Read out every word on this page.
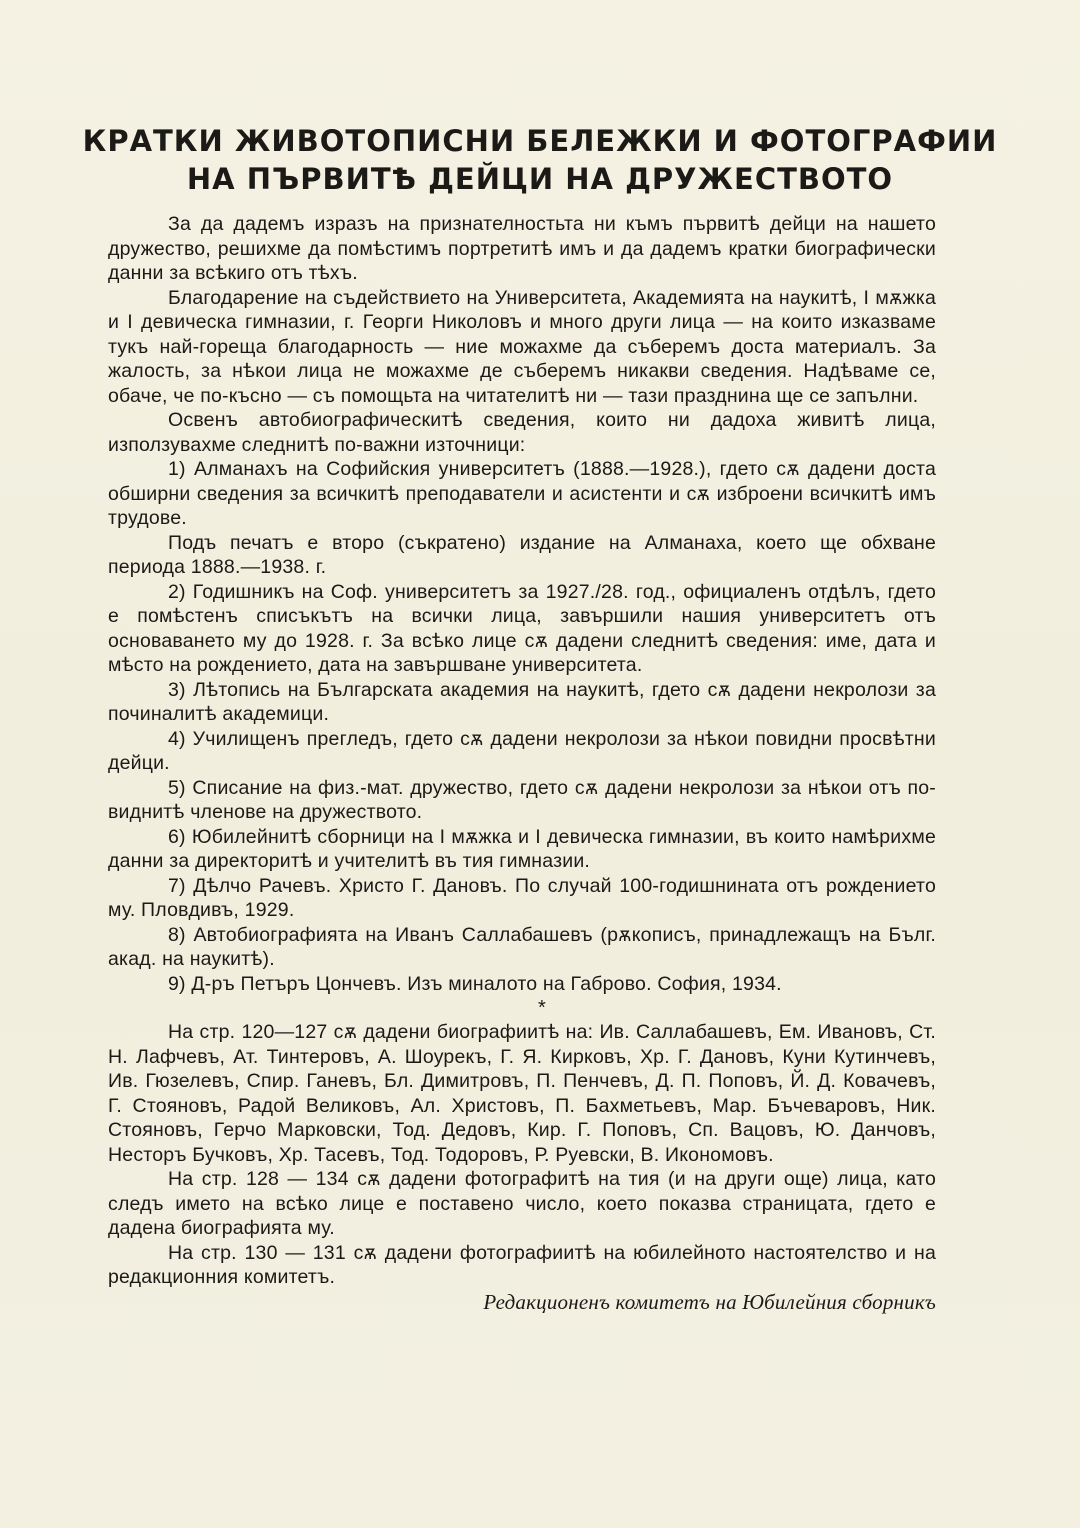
КРАТКИ ЖИВОТОПИСНИ БЕЛЕЖКИ И ФОТОГРАФИИ
НА ПЪРВИТѢ ДЕЙЦИ НА ДРУЖЕСТВОТО

За да дадемъ изразъ на признателностьта ни къмъ първитѣ дейци на нашето дружество, решихме да помѣстимъ портретитѣ имъ и да дадемъ кратки биографически данни за всѣкиго отъ тѣхъ.

Благодарение на съдействието на Университета, Академията на наукитѣ, I мѫжка и I девическа гимназии, г. Георги Николовъ и много други лица — на които изказваме тукъ най-гореща благодарность — ние можахме да съберемъ доста материалъ. За жалость, за нѣкои лица не можахме де съберемъ никакви сведения. Надѣваме се, обаче, че по-късно — съ помощьта на читателитѣ ни — тази празднина ще се запълни.

Освенъ автобиографическитѣ сведения, които ни дадоха живитѣ лица, използувахме следнитѣ по-важни източници:

1) Алманахъ на Софийския университетъ (1888.—1928.), гдето сѫ дадени доста обширни сведения за всичкитѣ преподаватели и асистенти и сѫ изброени всичкитѣ имъ трудове.

Подъ печатъ е второ (съкратено) издание на Алманаха, което ще обхване периода 1888.—1938. г.

2) Годишникъ на Соф. университетъ за 1927./28. год., официаленъ отдѣлъ, гдето е помѣстенъ списъкътъ на всички лица, завършили нашия университетъ отъ основаването му до 1928. г. За всѣко лице сѫ дадени следнитѣ сведения: име, дата и мѣсто на рождението, дата на завършване университета.

3) Лѣтопись на Българската академия на наукитѣ, гдето сѫ дадени некролози за починалитѣ академици.

4) Училищенъ прегледъ, гдето сѫ дадени некролози за нѣкои повидни просвѣтни дейци.

5) Списание на физ.-мат. дружество, гдето сѫ дадени некролози за нѣкои отъ по-виднитѣ членове на дружеството.

6) Юбилейнитѣ сборници на I мѫжка и I девическа гимназии, въ които намѣрихме данни за директоритѣ и учителитѣ въ тия гимназии.

7) Дѣлчо Рачевъ. Христо Г. Дановъ. По случай 100-годишнината отъ рождението му. Пловдивъ, 1929.

8) Автобиографията на Иванъ Саллабашевъ (рѫкописъ, принадлежащъ на Бълг. акад. на наукитѣ).

9) Д-ръ Петъръ Цончевъ. Изъ миналото на Габрово. София, 1934.

*

На стр. 120—127 сѫ дадени биографиитѣ на: Ив. Саллабашевъ, Ем. Ивановъ, Ст. Н. Лафчевъ, Ат. Тинтеровъ, А. Шоурекъ, Г. Я. Кирковъ, Хр. Г. Дановъ, Куни Кутинчевъ, Ив. Гюзелевъ, Спир. Ганевъ, Бл. Димитровъ, П. Пенчевъ, Д. П. Поповъ, Й. Д. Ковачевъ, Г. Стояновъ, Радой Великовъ, Ал. Христовъ, П. Бахметьевъ, Мар. Бъчеваровъ, Ник. Стояновъ, Герчо Марковски, Тод. Дедовъ, Кир. Г. Поповъ, Сп. Вацовъ, Ю. Данчовъ, Несторъ Бучковъ, Хр. Тасевъ, Тод. Тодоровъ, Р. Руевски, В. Икономовъ.

На стр. 128 — 134 сѫ дадени фотографитѣ на тия (и на други още) лица, като следъ името на всѣко лице е поставено число, което показва страницата, гдето е дадена биографията му.

На стр. 130 — 131 сѫ дадени фотографиитѣ на юбилейното настоятелство и на редакционния комитетъ.

Редакционенъ комитетъ на Юбилейния сборникъ
